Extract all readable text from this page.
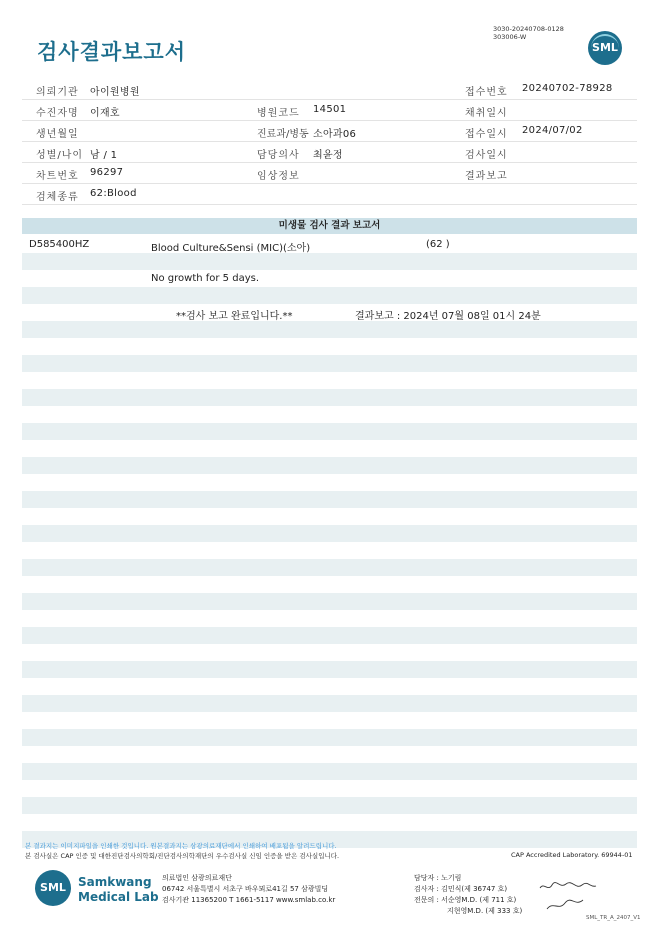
검사결과보고서
3030-20240708-0128
303006-W
SML
의뢰기관 아이원병원	접수번호 20240702-78928
수진자명 이재호	병원코드 14501	채취일시
생년월일	진료과/병동 소아과06	접수일시 2024/07/02
성별/나이 남 / 1	담당의사 최윤정	검사일시
차트번호 96297	임상정보	결과보고
검체종류 62:Blood
미생물 검사 결과 보고서
D585400HZ	Blood Culture&Sensi (MIC)(소아)	(62 )
No growth for 5 days.
**검사 보고 완료입니다.**	결과보고 : 2024년 07월 08일 01시 24분
본 결과지는 이미지파일을 인쇄한 것입니다. 원본결과지는 삼광의료재단에서 인쇄하여 배포됨을 알려드립니다.
본 검사실은 CAP 인증 및 대한진단검사의학회/진단검사의학재단의 우수검사실 신임 인증을 받은 검사실입니다.	CAP Accredited Laboratory. 69944-01
SML	Samkwang
Medical Lab
의료법인 삼광의료재단
06742 서울특별시 서초구 바우뫼로41길 57 삼광빌딩
검사기관 11365200 T 1661-5117 www.smlab.co.kr
담당자 : 노기림
검사자 : 김민식(제 36747 호)
전문의 : 서순영M.D. (제 711 호)
지현영M.D. (제 333 호)
SML_TR_A_2407_V1
